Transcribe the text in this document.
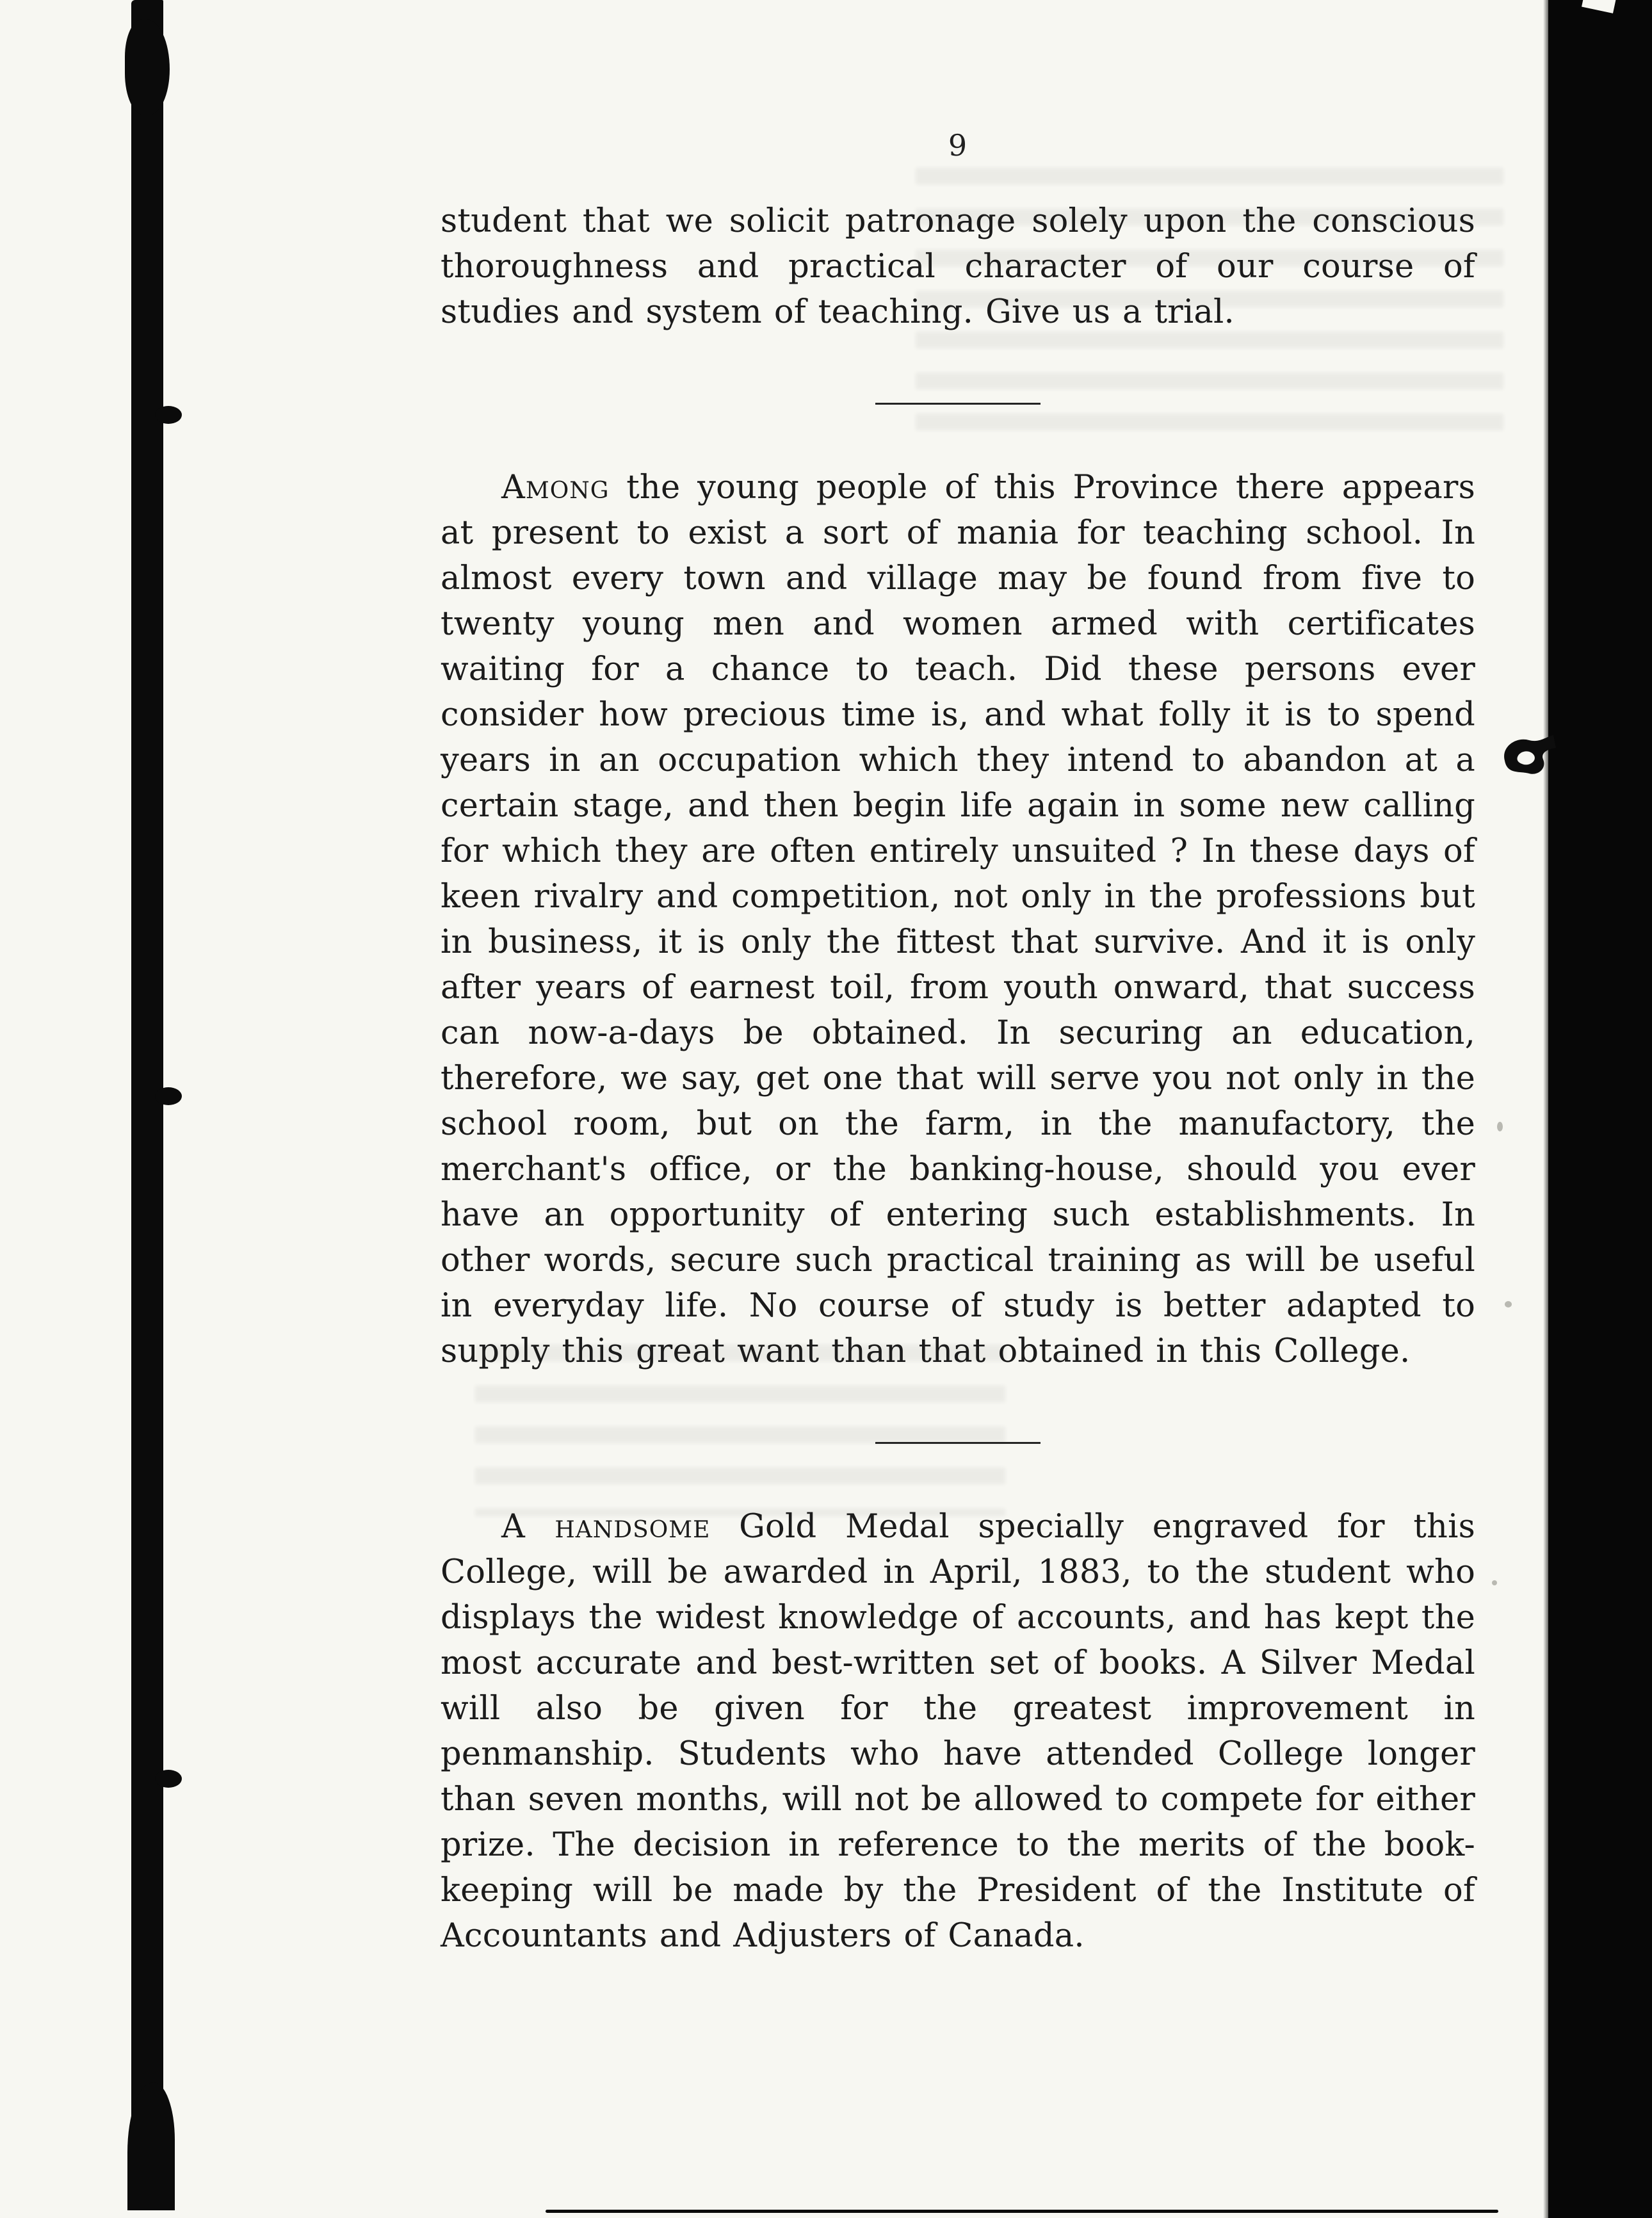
9

student that we solicit patronage solely upon the conscious thoroughness and practical character of our course of studies and system of teaching. Give us a trial.

Among the young people of this Province there appears at present to exist a sort of mania for teaching school. In almost every town and village may be found from five to twenty young men and women armed with certificates waiting for a chance to teach. Did these persons ever consider how precious time is, and what folly it is to spend years in an occupation which they intend to abandon at a certain stage, and then begin life again in some new calling for which they are often entirely unsuited ? In these days of keen rivalry and competition, not only in the professions but in business, it is only the fittest that survive. And it is only after years of earnest toil, from youth onward, that success can now-a-days be obtained. In securing an education, therefore, we say, get one that will serve you not only in the school room, but on the farm, in the manufactory, the merchant's office, or the banking-house, should you ever have an opportunity of entering such establishments. In other words, secure such practical training as will be useful in everyday life. No course of study is better adapted to supply this great want than that obtained in this College.

A handsome Gold Medal specially engraved for this College, will be awarded in April, 1883, to the student who displays the widest knowledge of accounts, and has kept the most accurate and best-written set of books. A Silver Medal will also be given for the greatest improvement in penmanship. Students who have attended College longer than seven months, will not be allowed to compete for either prize. The decision in reference to the merits of the book-keeping will be made by the President of the Institute of Accountants and Adjusters of Canada.
